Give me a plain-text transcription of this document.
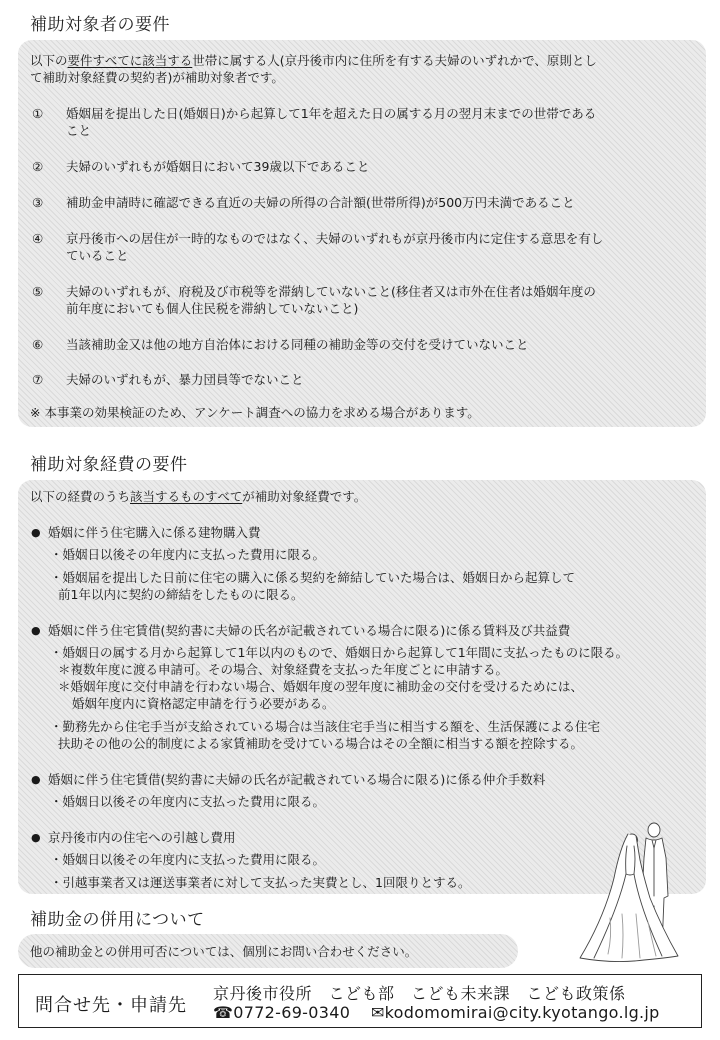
補助対象者の要件
以下の要件すべてに該当する世帯に属する人(京丹後市内に住所を有する夫婦のいずれかで、原則とし
て補助対象経費の契約者)が補助対象者です。
① 婚姻届を提出した日(婚姻日)から起算して1年を超えた日の属する月の翌月末までの世帯である
こと
② 夫婦のいずれもが婚姻日において39歳以下であること
③ 補助金申請時に確認できる直近の夫婦の所得の合計額(世帯所得)が500万円未満であること
④ 京丹後市への居住が一時的なものではなく、夫婦のいずれもが京丹後市内に定住する意思を有し
ていること
⑤ 夫婦のいずれもが、府税及び市税等を滞納していないこと(移住者又は市外在住者は婚姻年度の
前年度においても個人住民税を滞納していないこと)
⑥ 当該補助金又は他の地方自治体における同種の補助金等の交付を受けていないこと
⑦ 夫婦のいずれもが、暴力団員等でないこと
※ 本事業の効果検証のため、アンケート調査への協力を求める場合があります。
補助対象経費の要件
以下の経費のうち該当するものすべてが補助対象経費です。
● 婚姻に伴う住宅購入に係る建物購入費
・婚姻日以後その年度内に支払った費用に限る。
・婚姻届を提出した日前に住宅の購入に係る契約を締結していた場合は、婚姻日から起算して
前1年以内に契約の締結をしたものに限る。
● 婚姻に伴う住宅賃借(契約書に夫婦の氏名が記載されている場合に限る)に係る賃料及び共益費
・婚姻日の属する月から起算して1年以内のもので、婚姻日から起算して1年間に支払ったものに限る。
＊複数年度に渡る申請可。その場合、対象経費を支払った年度ごとに申請する。
＊婚姻年度に交付申請を行わない場合、婚姻年度の翌年度に補助金の交付を受けるためには、
婚姻年度内に資格認定申請を行う必要がある。
・勤務先から住宅手当が支給されている場合は当該住宅手当に相当する額を、生活保護による住宅
扶助その他の公的制度による家賃補助を受けている場合はその全額に相当する額を控除する。
● 婚姻に伴う住宅賃借(契約書に夫婦の氏名が記載されている場合に限る)に係る仲介手数料
・婚姻日以後その年度内に支払った費用に限る。
● 京丹後市内の住宅への引越し費用
・婚姻日以後その年度内に支払った費用に限る。
・引越事業者又は運送事業者に対して支払った実費とし、1回限りとする。
補助金の併用について
他の補助金との併用可否については、個別にお問い合わせください。
問合せ先・申請先
京丹後市役所　こども部　こども未来課　こども政策係
☎0772-69-0340 ✉kodomomirai@city.kyotango.lg.jp
